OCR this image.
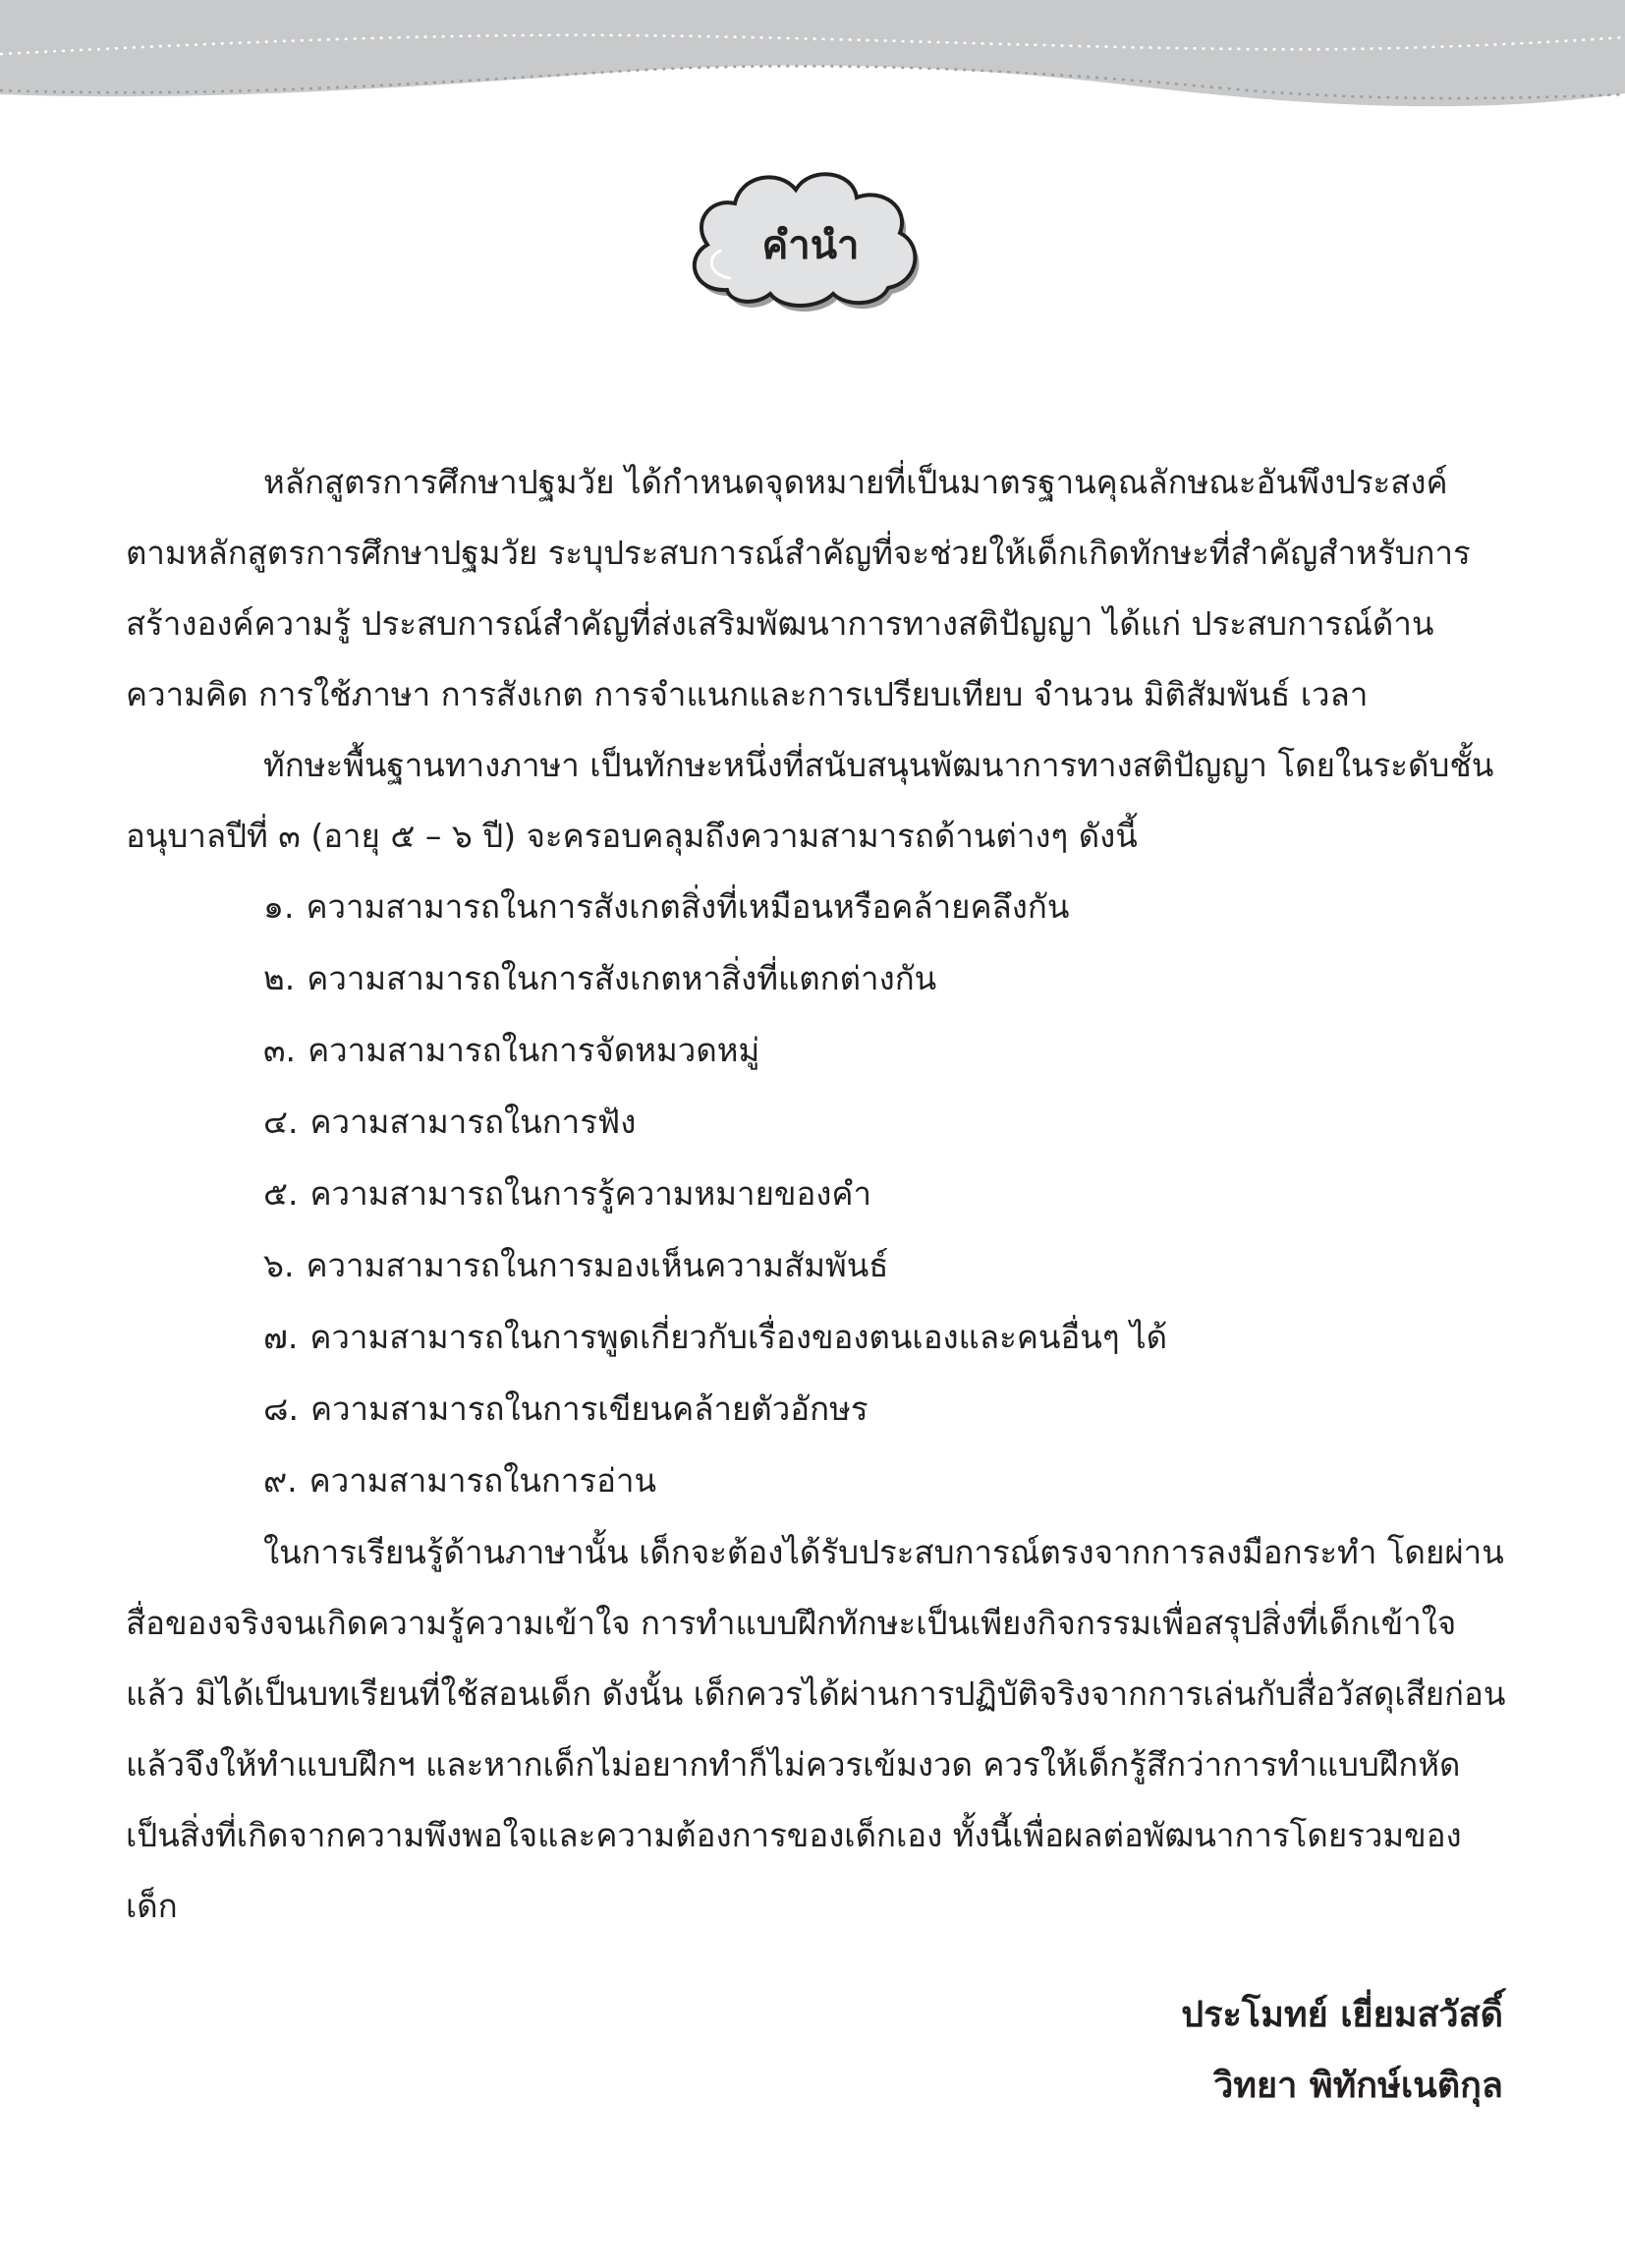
คำนำ

หลักสูตรการศึกษาปฐมวัย ได้กำหนดจุดหมายที่เป็นมาตรฐานคุณลักษณะอันพึงประสงค์ตามหลักสูตรการศึกษาปฐมวัย ระบุประสบการณ์สำคัญที่จะช่วยให้เด็กเกิดทักษะที่สำคัญสำหรับการสร้างองค์ความรู้ ประสบการณ์สำคัญที่ส่งเสริมพัฒนาการทางสติปัญญา ได้แก่ ประสบการณ์ด้านความคิด การใช้ภาษา การสังเกต การจำแนกและการเปรียบเทียบ จำนวน มิติสัมพันธ์ เวลา

ทักษะพื้นฐานทางภาษา เป็นทักษะหนึ่งที่สนับสนุนพัฒนาการทางสติปัญญา โดยในระดับชั้นอนุบาลปีที่ ๓ (อายุ ๕ – ๖ ปี) จะครอบคลุมถึงความสามารถด้านต่างๆ ดังนี้

๑. ความสามารถในการสังเกตสิ่งที่เหมือนหรือคล้ายคลึงกัน
๒. ความสามารถในการสังเกตหาสิ่งที่แตกต่างกัน
๓. ความสามารถในการจัดหมวดหมู่
๔. ความสามารถในการฟัง
๕. ความสามารถในการรู้ความหมายของคำ
๖. ความสามารถในการมองเห็นความสัมพันธ์
๗. ความสามารถในการพูดเกี่ยวกับเรื่องของตนเองและคนอื่นๆ ได้
๘. ความสามารถในการเขียนคล้ายตัวอักษร
๙. ความสามารถในการอ่าน

ในการเรียนรู้ด้านภาษานั้น เด็กจะต้องได้รับประสบการณ์ตรงจากการลงมือกระทำ โดยผ่านสื่อของจริงจนเกิดความรู้ความเข้าใจ การทำแบบฝึกทักษะเป็นเพียงกิจกรรมเพื่อสรุปสิ่งที่เด็กเข้าใจแล้ว มิได้เป็นบทเรียนที่ใช้สอนเด็ก ดังนั้น เด็กควรได้ผ่านการปฏิบัติจริงจากการเล่นกับสื่อวัสดุเสียก่อน แล้วจึงให้ทำแบบฝึกฯ และหากเด็กไม่อยากทำก็ไม่ควรเข้มงวด ควรให้เด็กรู้สึกว่าการทำแบบฝึกหัดเป็นสิ่งที่เกิดจากความพึงพอใจและความต้องการของเด็กเอง ทั้งนี้เพื่อผลต่อพัฒนาการโดยรวมของเด็ก

ประโมทย์ เยี่ยมสวัสดิ์
วิทยา พิทักษ์เนติกุล
